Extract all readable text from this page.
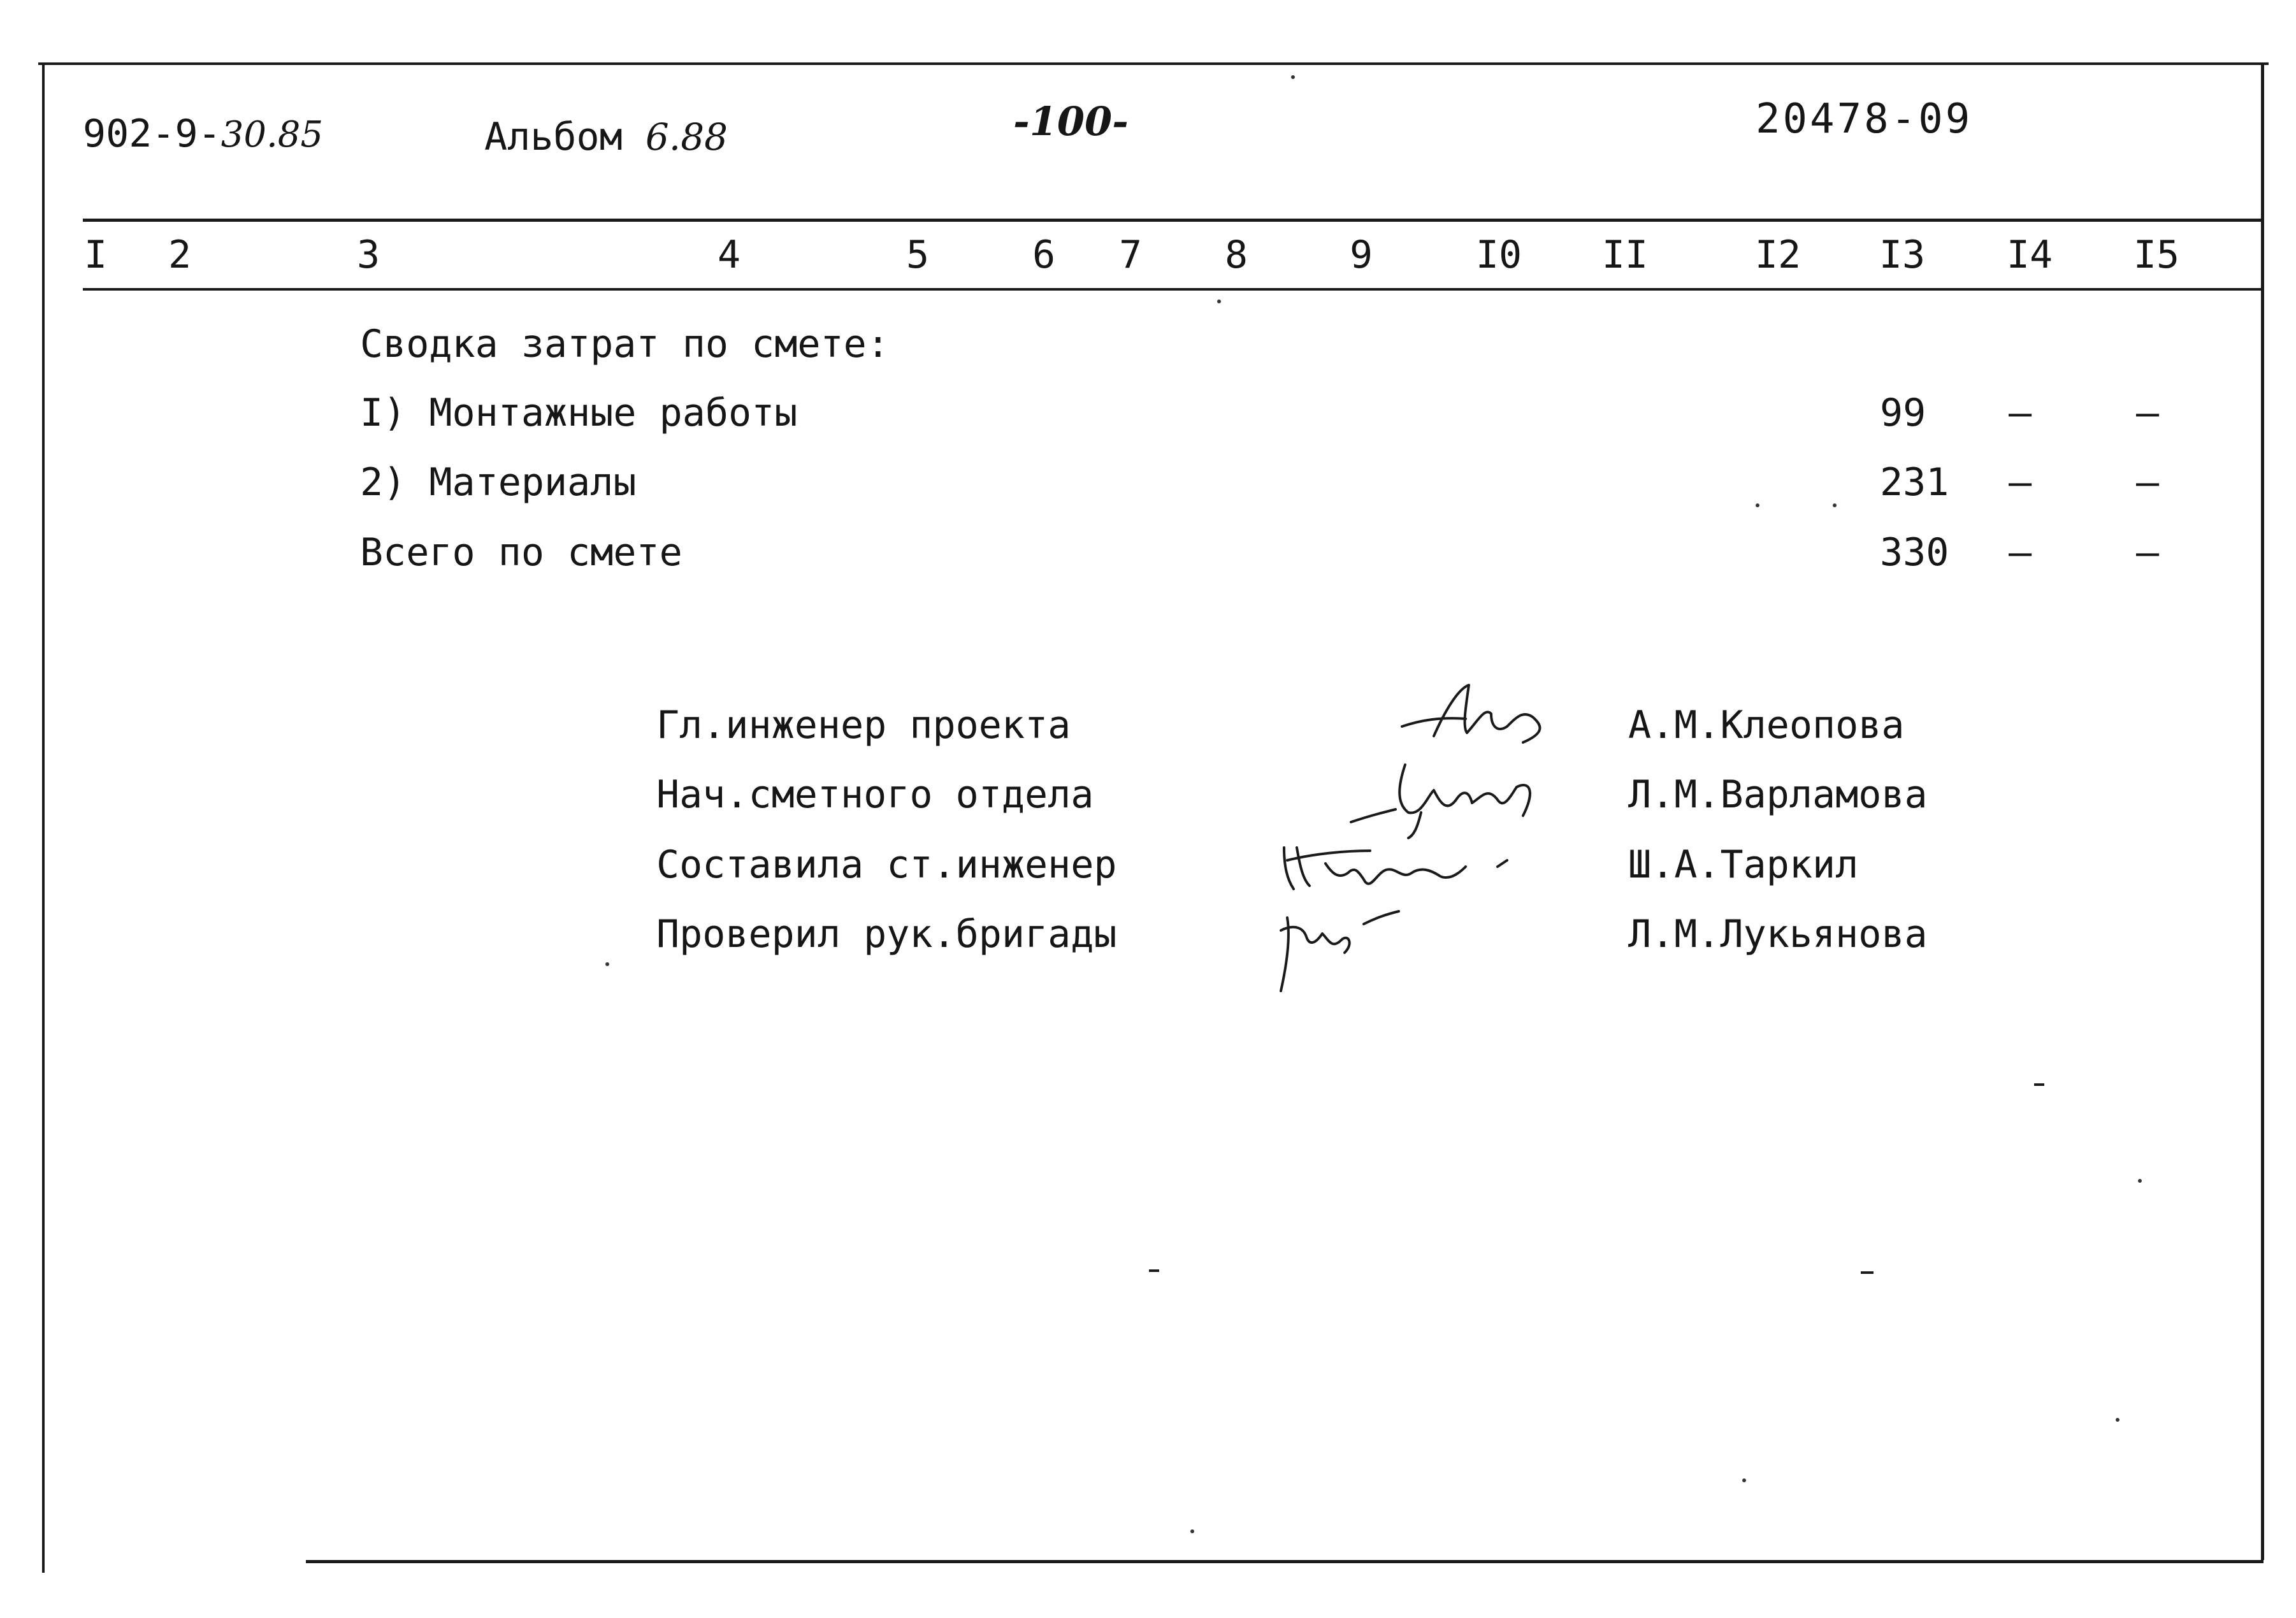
902-9-30.85	Альбом 6.88	-100-	20478-09
I 2	3	4	5	6 7 8	9	I0 II	I2 I3 I4 I5
Сводка затрат по смете:
I) Монтажные работы	99 –	–
2) Материалы	231 –	–
Всего по смете	330 –	–
Гл.инженер проекта	А.М.Клеопова
Нач.сметного отдела	Л.М.Варламова
Составила ст.инженер	Ш.А.Таркил
Проверил рук.бригады	Л.М.Лукьянова
